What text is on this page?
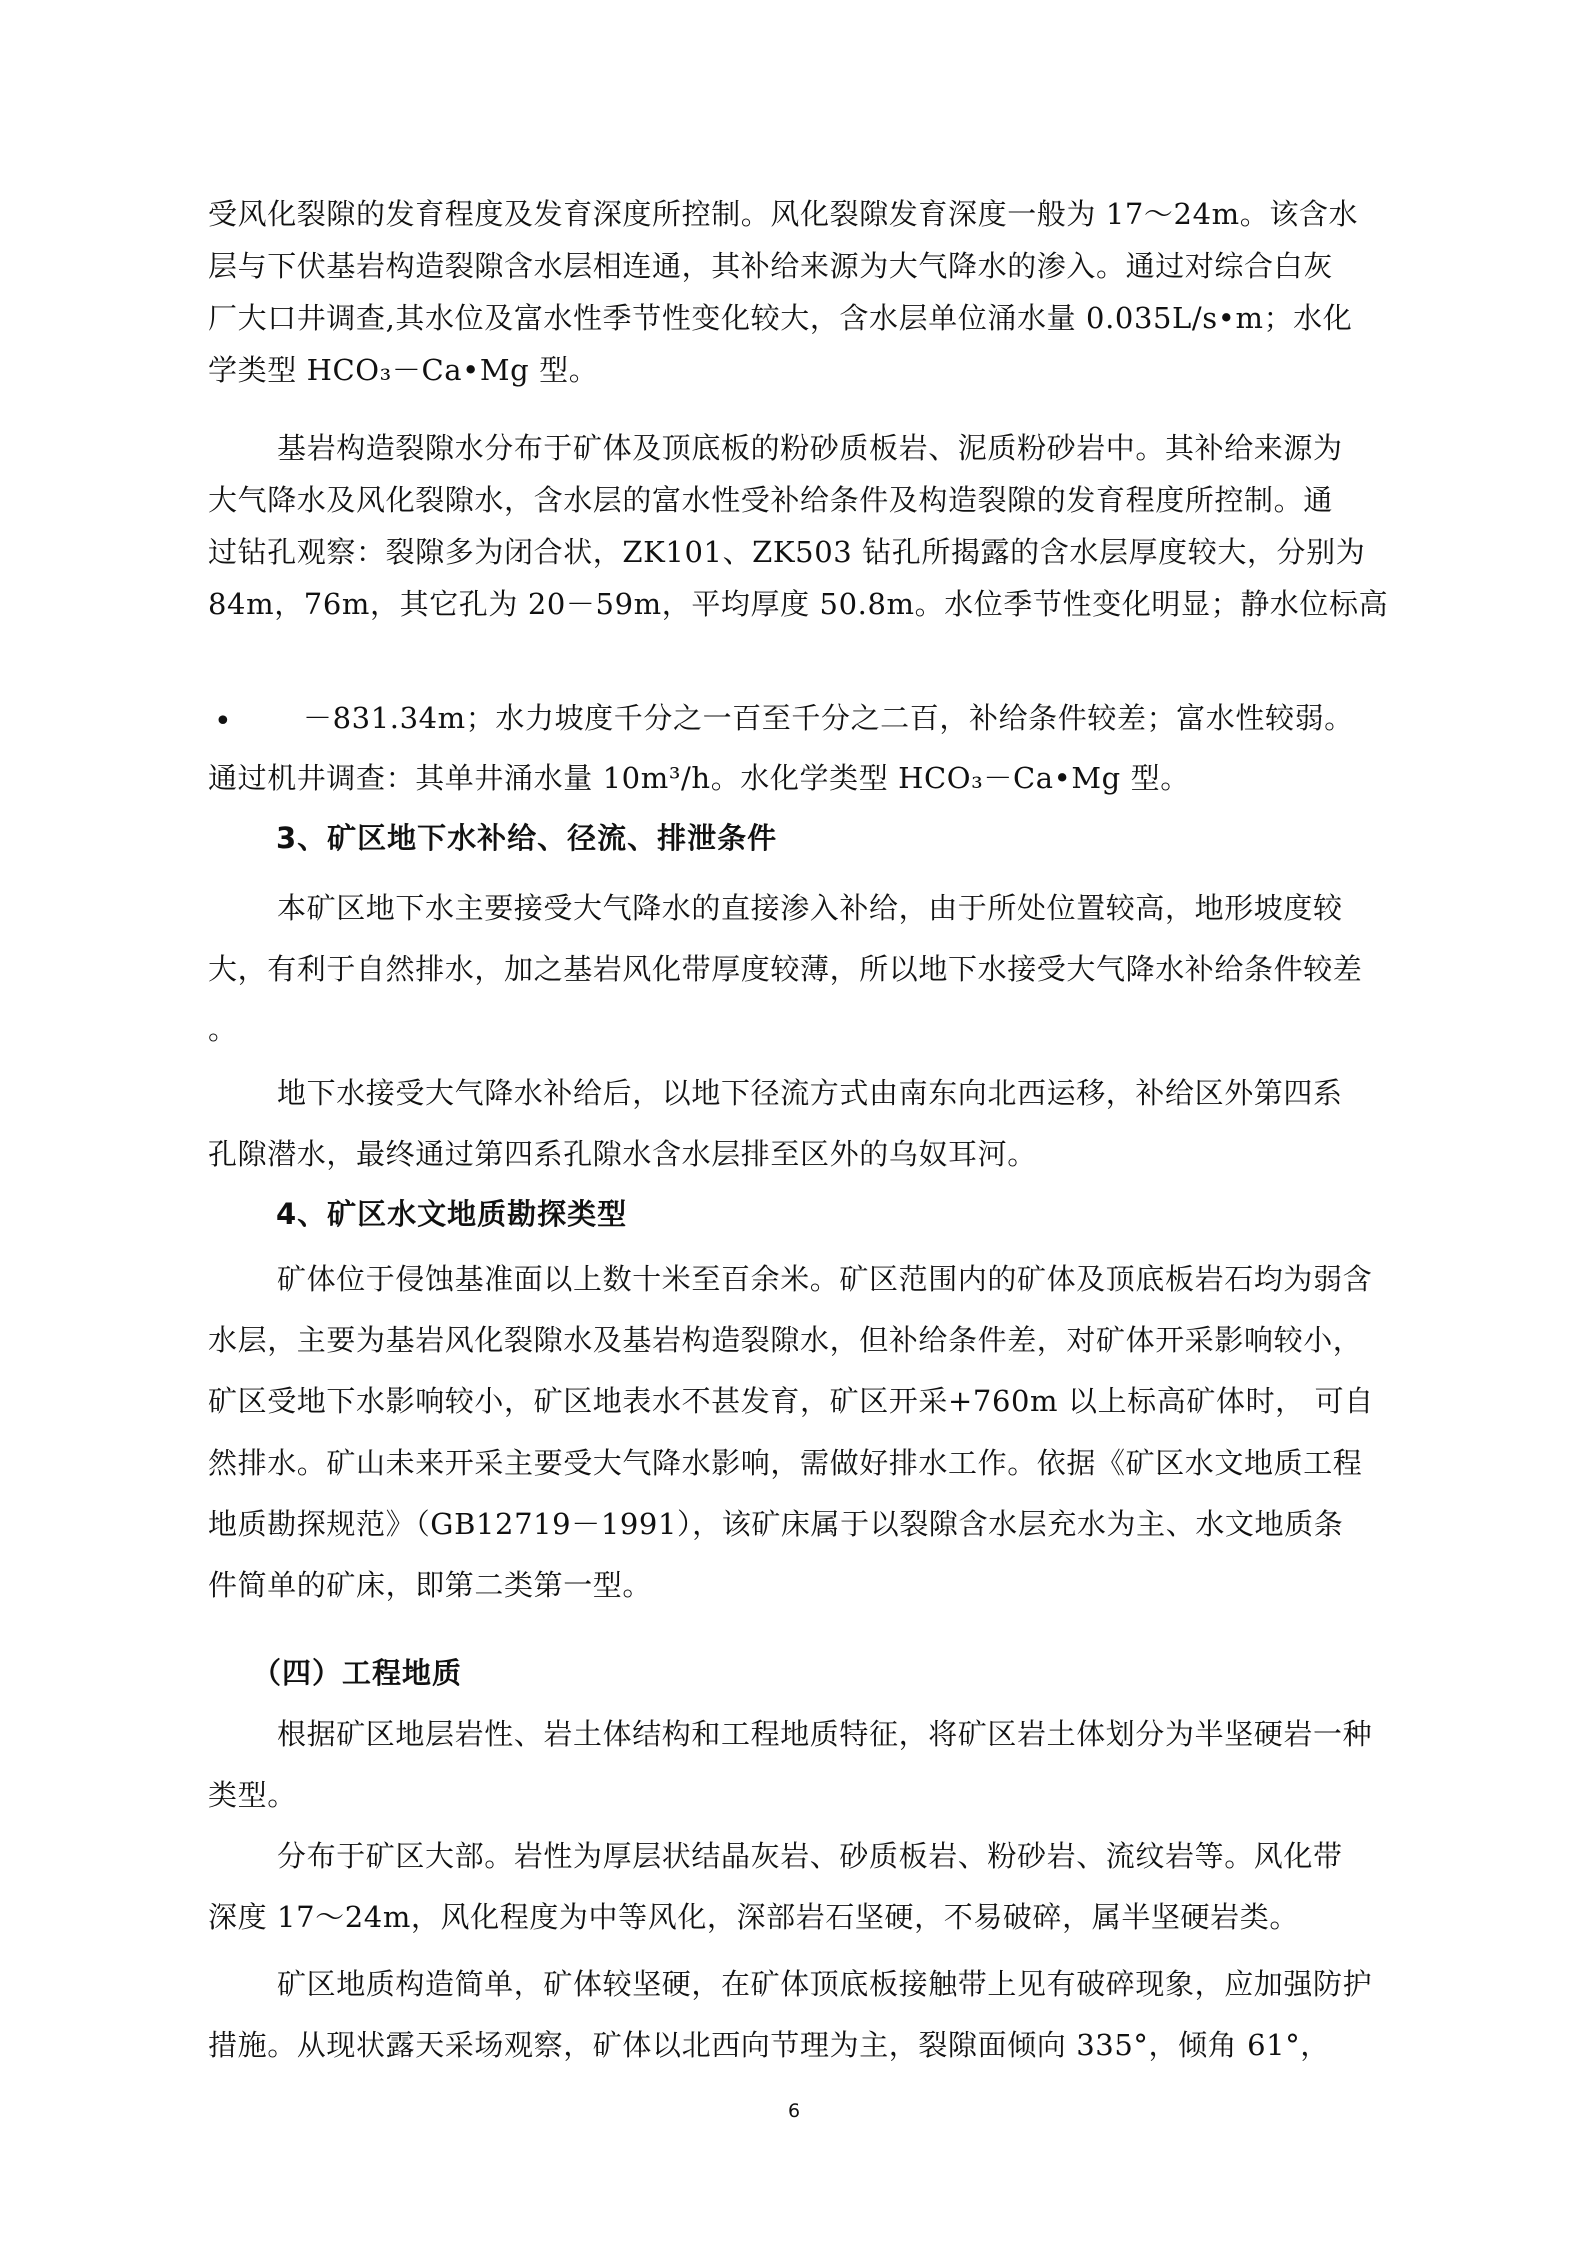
受风化裂隙的发育程度及发育深度所控制。风化裂隙发育深度一般为 17～24m。该含水
层与下伏基岩构造裂隙含水层相连通，其补给来源为大气降水的渗入。通过对综合白灰
厂大口井调查,其水位及富水性季节性变化较大，含水层单位涌水量 0.035L/s•m；水化
学类型 HCO₃－Ca•Mg 型。
基岩构造裂隙水分布于矿体及顶底板的粉砂质板岩、泥质粉砂岩中。其补给来源为
大气降水及风化裂隙水，含水层的富水性受补给条件及构造裂隙的发育程度所控制。通
过钻孔观察：裂隙多为闭合状，ZK101、ZK503 钻孔所揭露的含水层厚度较大，分别为
84m，76m，其它孔为 20－59m，平均厚度 50.8m。水位季节性变化明显；静水位标高
• －831.34m；水力坡度千分之一百至千分之二百，补给条件较差；富水性较弱。
通过机井调查：其单井涌水量 10m³/h。水化学类型 HCO₃－Ca•Mg 型。
3、矿区地下水补给、径流、排泄条件
本矿区地下水主要接受大气降水的直接渗入补给，由于所处位置较高，地形坡度较
大，有利于自然排水，加之基岩风化带厚度较薄，所以地下水接受大气降水补给条件较差
。
地下水接受大气降水补给后，以地下径流方式由南东向北西运移，补给区外第四系
孔隙潜水，最终通过第四系孔隙水含水层排至区外的乌奴耳河。
4、矿区水文地质勘探类型
矿体位于侵蚀基准面以上数十米至百余米。矿区范围内的矿体及顶底板岩石均为弱含
水层，主要为基岩风化裂隙水及基岩构造裂隙水，但补给条件差，对矿体开采影响较小，
矿区受地下水影响较小，矿区地表水不甚发育，矿区开采+760m 以上标高矿体时， 可自
然排水。矿山未来开采主要受大气降水影响，需做好排水工作。依据《矿区水文地质工程
地质勘探规范》（GB12719－1991），该矿床属于以裂隙含水层充水为主、水文地质条
件简单的矿床，即第二类第一型。
（四）工程地质
根据矿区地层岩性、岩土体结构和工程地质特征，将矿区岩土体划分为半坚硬岩一种
类型。
分布于矿区大部。岩性为厚层状结晶灰岩、砂质板岩、粉砂岩、流纹岩等。风化带
深度 17～24m，风化程度为中等风化，深部岩石坚硬，不易破碎，属半坚硬岩类。
矿区地质构造简单，矿体较坚硬，在矿体顶底板接触带上见有破碎现象，应加强防护
措施。从现状露天采场观察，矿体以北西向节理为主，裂隙面倾向 335°，倾角 61°，
6
